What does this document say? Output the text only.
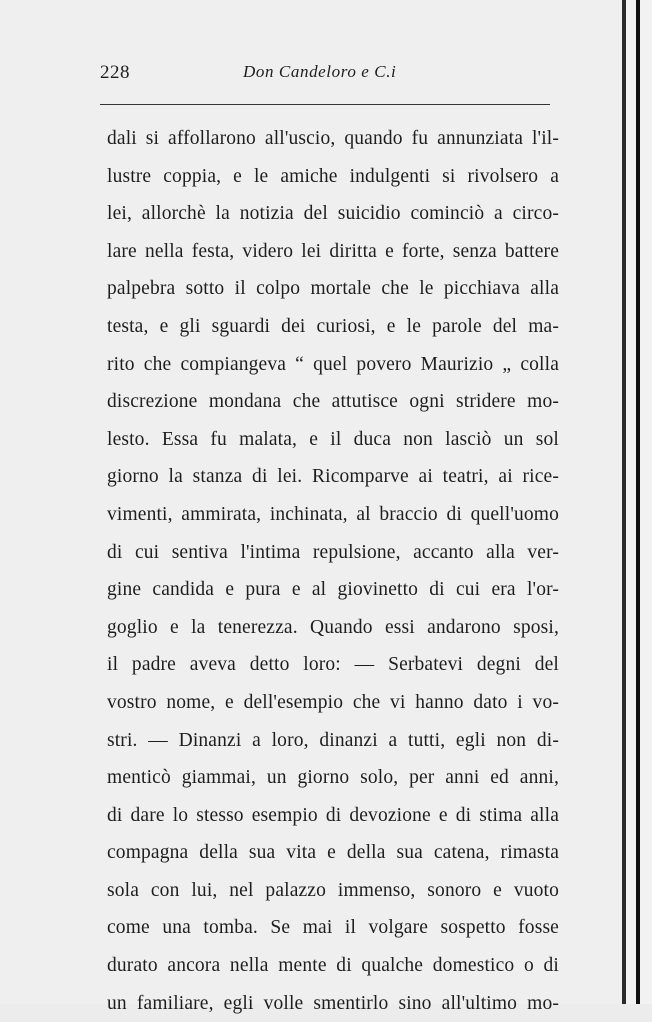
228	Don Candeloro e C.i
dali si affollarono all'uscio, quando fu annunziata l'il-
lustre coppia, e le amiche indulgenti si rivolsero a
lei, allorchè la notizia del suicidio cominciò a circo-
lare nella festa, videro lei diritta e forte, senza battere
palpebra sotto il colpo mortale che le picchiava alla
testa, e gli sguardi dei curiosi, e le parole del ma-
rito che compiangeva “ quel povero Maurizio „ colla
discrezione mondana che attutisce ogni stridere mo-
lesto. Essa fu malata, e il duca non lasciò un sol
giorno la stanza di lei. Ricomparve ai teatri, ai rice-
vimenti, ammirata, inchinata, al braccio di quell'uomo
di cui sentiva l'intima repulsione, accanto alla ver-
gine candida e pura e al giovinetto di cui era l'or-
goglio e la tenerezza. Quando essi andarono sposi,
il padre aveva detto loro: — Serbatevi degni del
vostro nome, e dell'esempio che vi hanno dato i vo-
stri. — Dinanzi a loro, dinanzi a tutti, egli non di-
menticò giammai, un giorno solo, per anni ed anni,
di dare lo stesso esempio di devozione e di stima alla
compagna della sua vita e della sua catena, rimasta
sola con lui, nel palazzo immenso, sonoro e vuoto
come una tomba. Se mai il volgare sospetto fosse
durato ancora nella mente di qualche domestico o di
un familiare, egli volle smentirlo sino all'ultimo mo-
